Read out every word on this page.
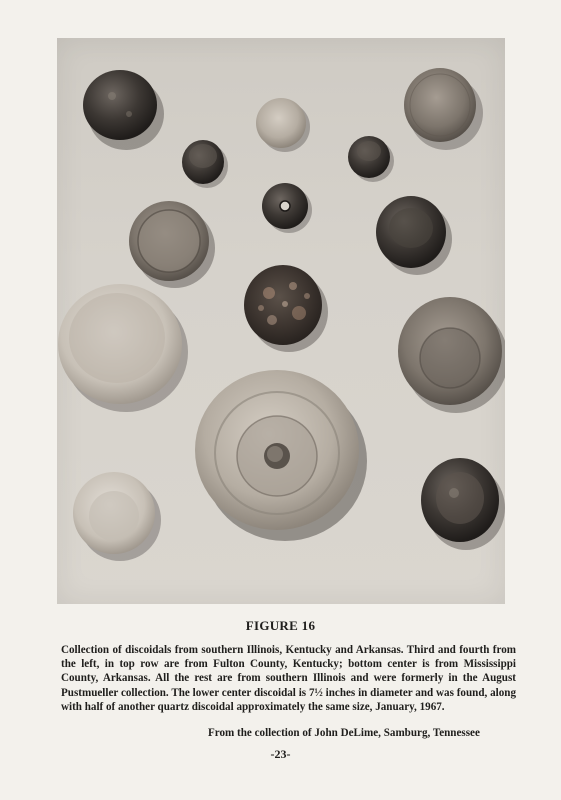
FIGURE 16
Collection of discoidals from southern Illinois, Kentucky and Arkansas. Third and fourth from the left, in top row are from Fulton County, Kentucky; bottom center is from Mississippi County, Arkansas. All the rest are from southern Illinois and were formerly in the August Pustmueller collection. The lower center discoidal is 7½ inches in diameter and was found, along with half of another quartz discoidal approximately the same size, January, 1967.
From the collection of John DeLime, Samburg, Tennessee
-23-
